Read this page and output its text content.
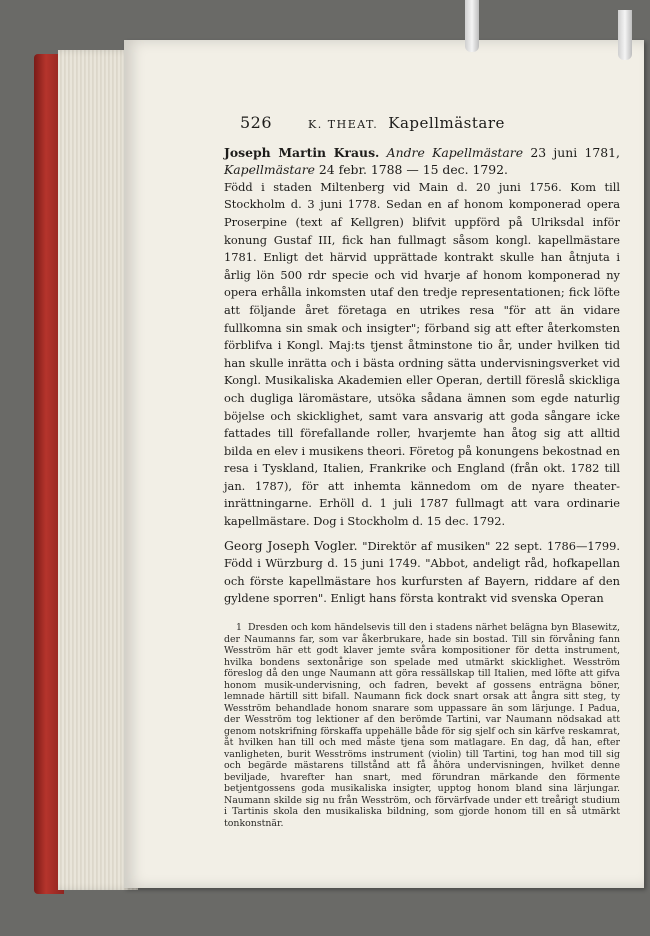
526	K. THEAT. Kapellmästare

Joseph Martin Kraus. Andre Kapellmästare 23 juni 1781, Kapellmästare 24 febr. 1788 — 15 dec. 1792.

Född i staden Miltenberg vid Main d. 20 juni 1756. Kom till Stockholm d. 3 juni 1778. Sedan en af honom komponerad opera Proserpine (text af Kellgren) blifvit uppförd på Ulriksdal inför konung Gustaf III, fick han fullmagt såsom kongl. kapellmästare 1781. Enligt det härvid upprättade kontrakt skulle han åtnjuta i årlig lön 500 rdr specie och vid hvarje af honom komponerad ny opera erhålla inkomsten utaf den tredje representationen; fick löfte att följande året företaga en utrikes resa "för att än vidare fullkomna sin smak och insigter"; förband sig att efter återkomsten förblifva i Kongl. Maj:ts tjenst åtminstone tio år, under hvilken tid han skulle inrätta och i bästa ordning sätta undervisningsverket vid Kongl. Musikaliska Akademien eller Operan, dertill föreslå skickliga och dugliga läromästare, utsöka sådana ämnen som egde naturlig böjelse och skicklighet, samt vara ansvarig att goda sångare icke fattades till förefallande roller, hvarjemte han åtog sig att alltid bilda en elev i musikens theori. Företog på konungens bekostnad en resa i Tyskland, Italien, Frankrike och England (från okt. 1782 till jan. 1787), för att inhemta kännedom om de nyare theater-inrättningarne. Erhöll d. 1 juli 1787 fullmagt att vara ordinarie kapellmästare. Dog i Stockholm d. 15 dec. 1792.

Georg Joseph Vogler. "Direktör af musiken" 22 sept. 1786—1799. Född i Würzburg d. 15 juni 1749. "Abbot, andeligt råd, hofkapellan och förste kapellmästare hos kurfursten af Bayern, riddare af den gyldene sporren". Enligt hans första kontrakt vid svenska Operan

1 Dresden och kom händelsevis till den i stadens närhet belägna byn Blasewitz, der Naumanns far, som var åkerbrukare, hade sin bostad. Till sin förvåning fann Wesström här ett godt klaver jemte svåra kompositioner för detta instrument, hvilka bondens sextonårige son spelade med utmärkt skicklighet. Wesström föreslog då den unge Naumann att göra ressällskap till Italien, med löfte att gifva honom musik-undervisning, och fadren, bevekt af gossens enträgna böner, lemnade härtill sitt bifall. Naumann fick dock snart orsak att ångra sitt steg, ty Wesström behandlade honom snarare som uppassare än som lärjunge. I Padua, der Wesström tog lektioner af den berömde Tartini, var Naumann nödsakad att genom notskrifning förskaffa uppehälle både för sig sjelf och sin kärfve reskamrat, åt hvilken han till och med måste tjena som matlagare. En dag, då han, efter vanligheten, burit Wesströms instrument (violin) till Tartini, tog han mod till sig och begärde mästarens tillstånd att få åhöra undervisningen, hvilket denne beviljade, hvarefter han snart, med förundran märkande den förmente betjentgossens goda musikaliska insigter, upptog honom bland sina lärjungar. Naumann skilde sig nu från Wesström, och förvärfvade under ett treårigt studium i Tartinis skola den musikaliska bildning, som gjorde honom till en så utmärkt tonkonstnär.
